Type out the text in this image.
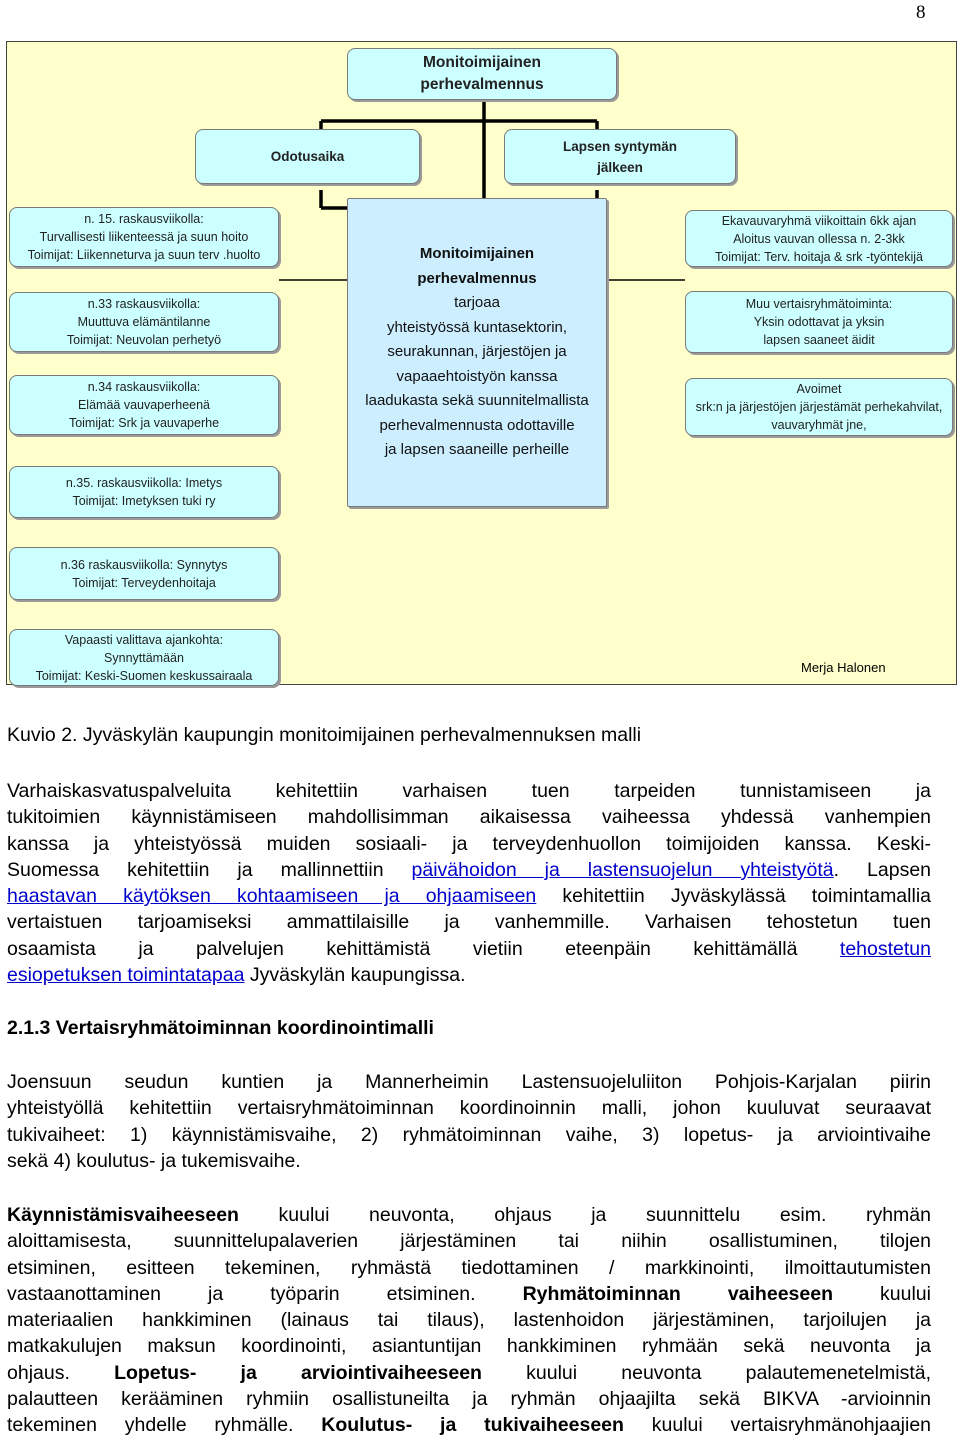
8
Monitoimijainen
perhevalmennus
Odotusaika
Lapsen syntymän
jälkeen
Monitoimijainen
perhevalmennus
tarjoaa
yhteistyössä kuntasektorin,
seurakunnan, järjestöjen ja
vapaaehtoistyön kanssa
laadukasta sekä suunnitelmallista
perhevalmennusta odottaville
ja lapsen saaneille perheille
n. 15. raskausviikolla:
Turvallisesti liikenteessä ja suun hoito
Toimijat: Liikenneturva ja suun terv .huolto
n.33 raskausviikolla:
Muuttuva elämäntilanne
Toimijat: Neuvolan perhetyö
n.34 raskausviikolla:
Elämää vauvaperheenä
Toimijat: Srk ja vauvaperhe
n.35. raskausviikolla: Imetys
Toimijat: Imetyksen tuki ry
n.36 raskausviikolla: Synnytys
Toimijat: Terveydenhoitaja
Vapaasti valittava ajankohta:
Synnyttämään
Toimijat: Keski-Suomen keskussairaala
Ekavauvaryhmä viikoittain 6kk ajan
Aloitus vauvan ollessa n. 2-3kk
Toimijat: Terv. hoitaja & srk -työntekijä
Muu vertaisryhmätoiminta:
Yksin odottavat ja yksin
lapsen saaneet äidit
Avoimet
srk:n ja järjestöjen järjestämät perhekahvilat,
vauvaryhmät jne,
Merja Halonen
Kuvio 2. Jyväskylän kaupungin monitoimijainen perhevalmennuksen malli
Varhaiskasvatuspalveluita kehitettiin varhaisen tuen tarpeiden tunnistamiseen ja
tukitoimien käynnistämiseen mahdollisimman aikaisessa vaiheessa yhdessä vanhempien
kanssa ja yhteistyössä muiden sosiaali- ja terveydenhuollon toimijoiden kanssa. Keski-
Suomessa kehitettiin ja mallinnettiin päivähoidon ja lastensuojelun yhteistyötä. Lapsen
haastavan käytöksen kohtaamiseen ja ohjaamiseen kehitettiin Jyväskylässä toimintamallia
vertaistuen tarjoamiseksi ammattilaisille ja vanhemmille. Varhaisen tehostetun tuen
osaamista ja palvelujen kehittämistä vietiin eteenpäin kehittämällä tehostetun
esiopetuksen toimintatapaa Jyväskylän kaupungissa.
2.1.3 Vertaisryhmätoiminnan koordinointimalli
Joensuun seudun kuntien ja Mannerheimin Lastensuojeluliiton Pohjois-Karjalan piirin
yhteistyöllä kehitettiin vertaisryhmätoiminnan koordinoinnin malli, johon kuuluvat seuraavat
tukivaiheet: 1) käynnistämisvaihe, 2) ryhmätoiminnan vaihe, 3) lopetus- ja arviointivaihe
sekä 4) koulutus- ja tukemisvaihe.
Käynnistämisvaiheeseen kuului neuvonta, ohjaus ja suunnittelu esim. ryhmän
aloittamisesta, suunnittelupalaverien järjestäminen tai niihin osallistuminen, tilojen
etsiminen, esitteen tekeminen, ryhmästä tiedottaminen / markkinointi, ilmoittautumisten
vastaanottaminen ja työparin etsiminen. Ryhmätoiminnan vaiheeseen kuului
materiaalien hankkiminen (lainaus tai tilaus), lastenhoidon järjestäminen, tarjoilujen ja
matkakulujen maksun koordinointi, asiantuntijan hankkiminen ryhmään sekä neuvonta ja
ohjaus. Lopetus- ja arviointivaiheeseen kuului neuvonta palautemenetelmistä,
palautteen kerääminen ryhmiin osallistuneilta ja ryhmän ohjaajilta sekä BIKVA -arvioinnin
tekeminen yhdelle ryhmälle. Koulutus- ja tukivaiheeseen kuului vertaisryhmänohjaajien
